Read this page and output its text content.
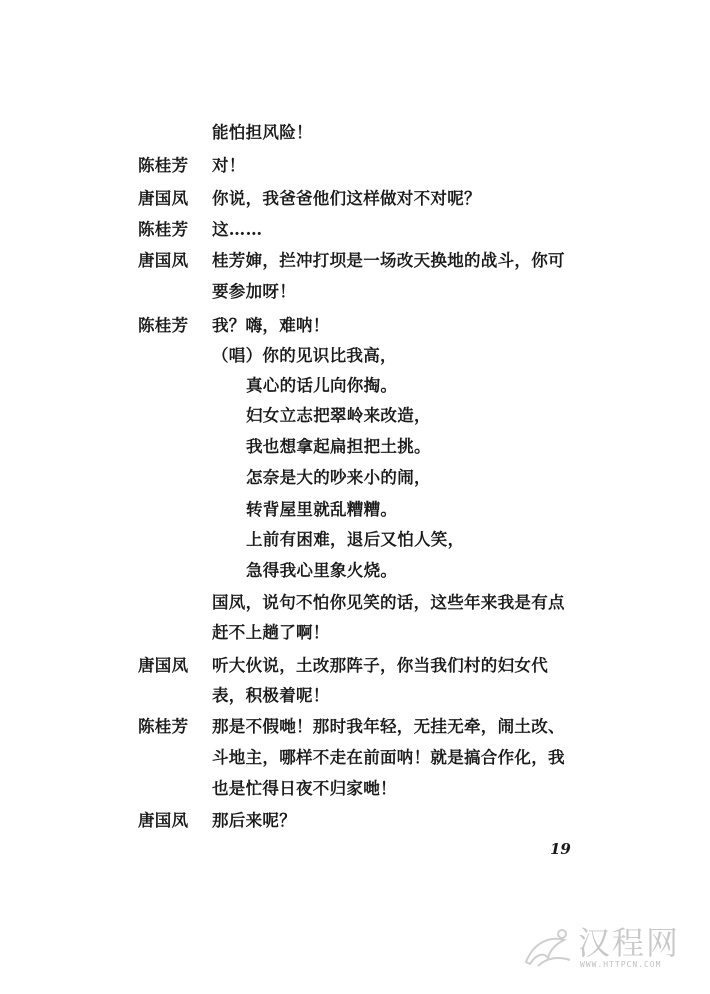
能怕担风险！
陈桂芳 对！
唐国凤 你说，我爸爸他们这样做对不对呢？
陈桂芳 这……
唐国凤 桂芳婶，拦冲打坝是一场改天换地的战斗，你可
要参加呀！
陈桂芳 我？嗨，难呐！
（唱）你的见识比我高，
真心的话儿向你掏。
妇女立志把翠岭来改造，
我也想拿起扁担把土挑。
怎奈是大的吵来小的闹，
转背屋里就乱糟糟。
上前有困难，退后又怕人笑，
急得我心里象火烧。
国凤，说句不怕你见笑的话，这些年来我是有点
赶不上趟了啊！
唐国凤 听大伙说，土改那阵子，你当我们村的妇女代
表，积极着呢！
陈桂芳 那是不假哋！那时我年轻，无挂无牵，闹土改、
斗地主，哪样不走在前面呐！就是搞合作化，我
也是忙得日夜不归家哋！
唐国凤 那后来呢？
19
汉程网
WWW.HTTPCN.COM
